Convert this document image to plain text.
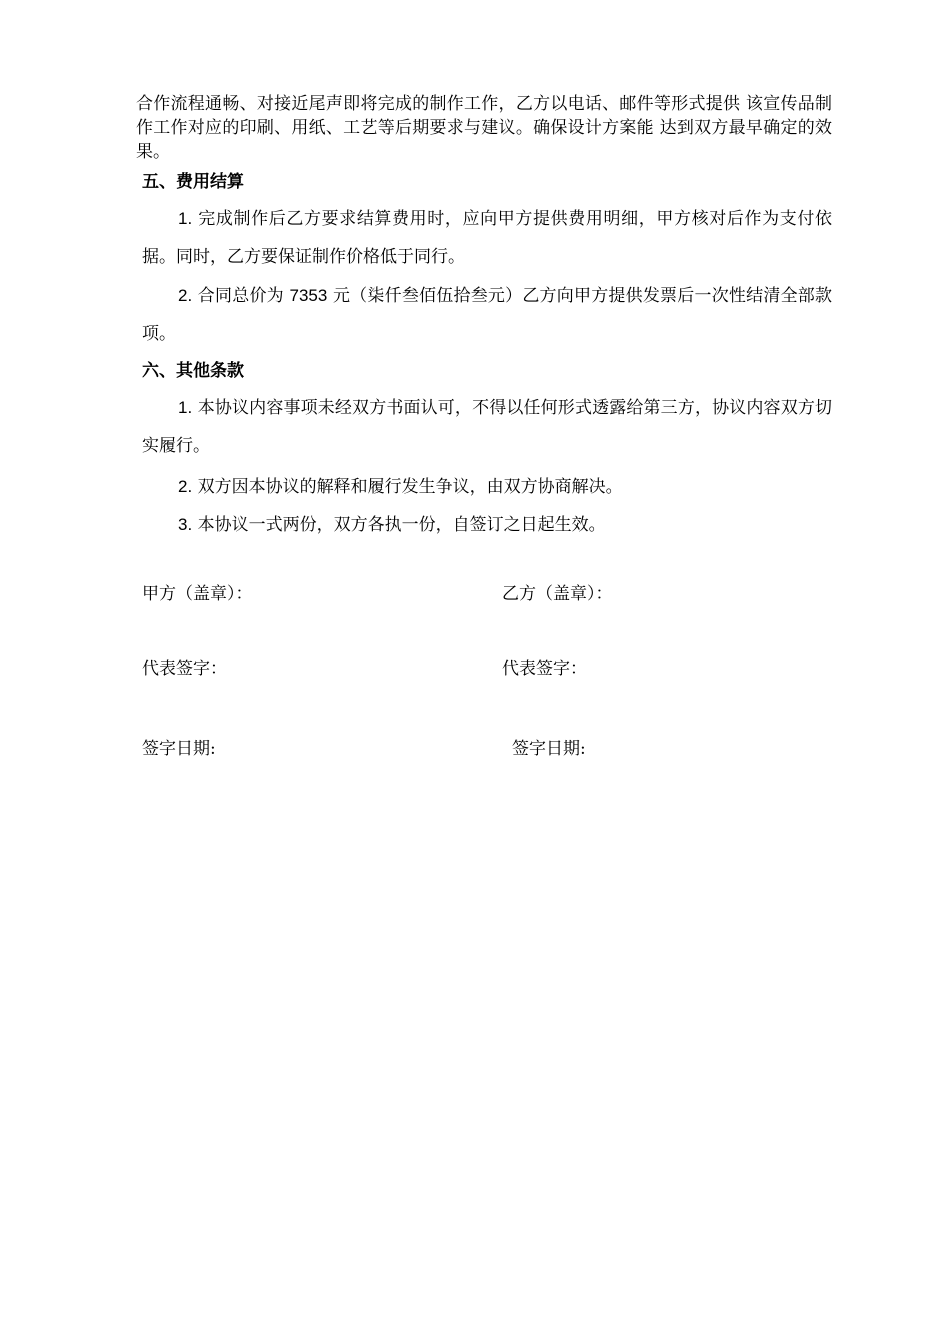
合作流程通畅、对接近尾声即将完成的制作工作，乙方以电话、邮件等形式提供 该宣传品制作工作对应的印刷、用纸、工艺等后期要求与建议。确保设计方案能 达到双方最早确定的效果。
五、费用结算
1. 完成制作后乙方要求结算费用时，应向甲方提供费用明细，甲方核对后作为支付依据。同时，乙方要保证制作价格低于同行。
2. 合同总价为 7353 元（柒仟叁佰伍拾叁元）乙方向甲方提供发票后一次性结清全部款项。
六、其他条款
1. 本协议内容事项未经双方书面认可，不得以任何形式透露给第三方，协议内容双方切实履行。
2. 双方因本协议的解释和履行发生争议，由双方协商解决。
3. 本协议一式两份，双方各执一份，自签订之日起生效。
甲方（盖章）：	乙方（盖章）：
代表签字：	代表签字：
签字日期:	签字日期:
